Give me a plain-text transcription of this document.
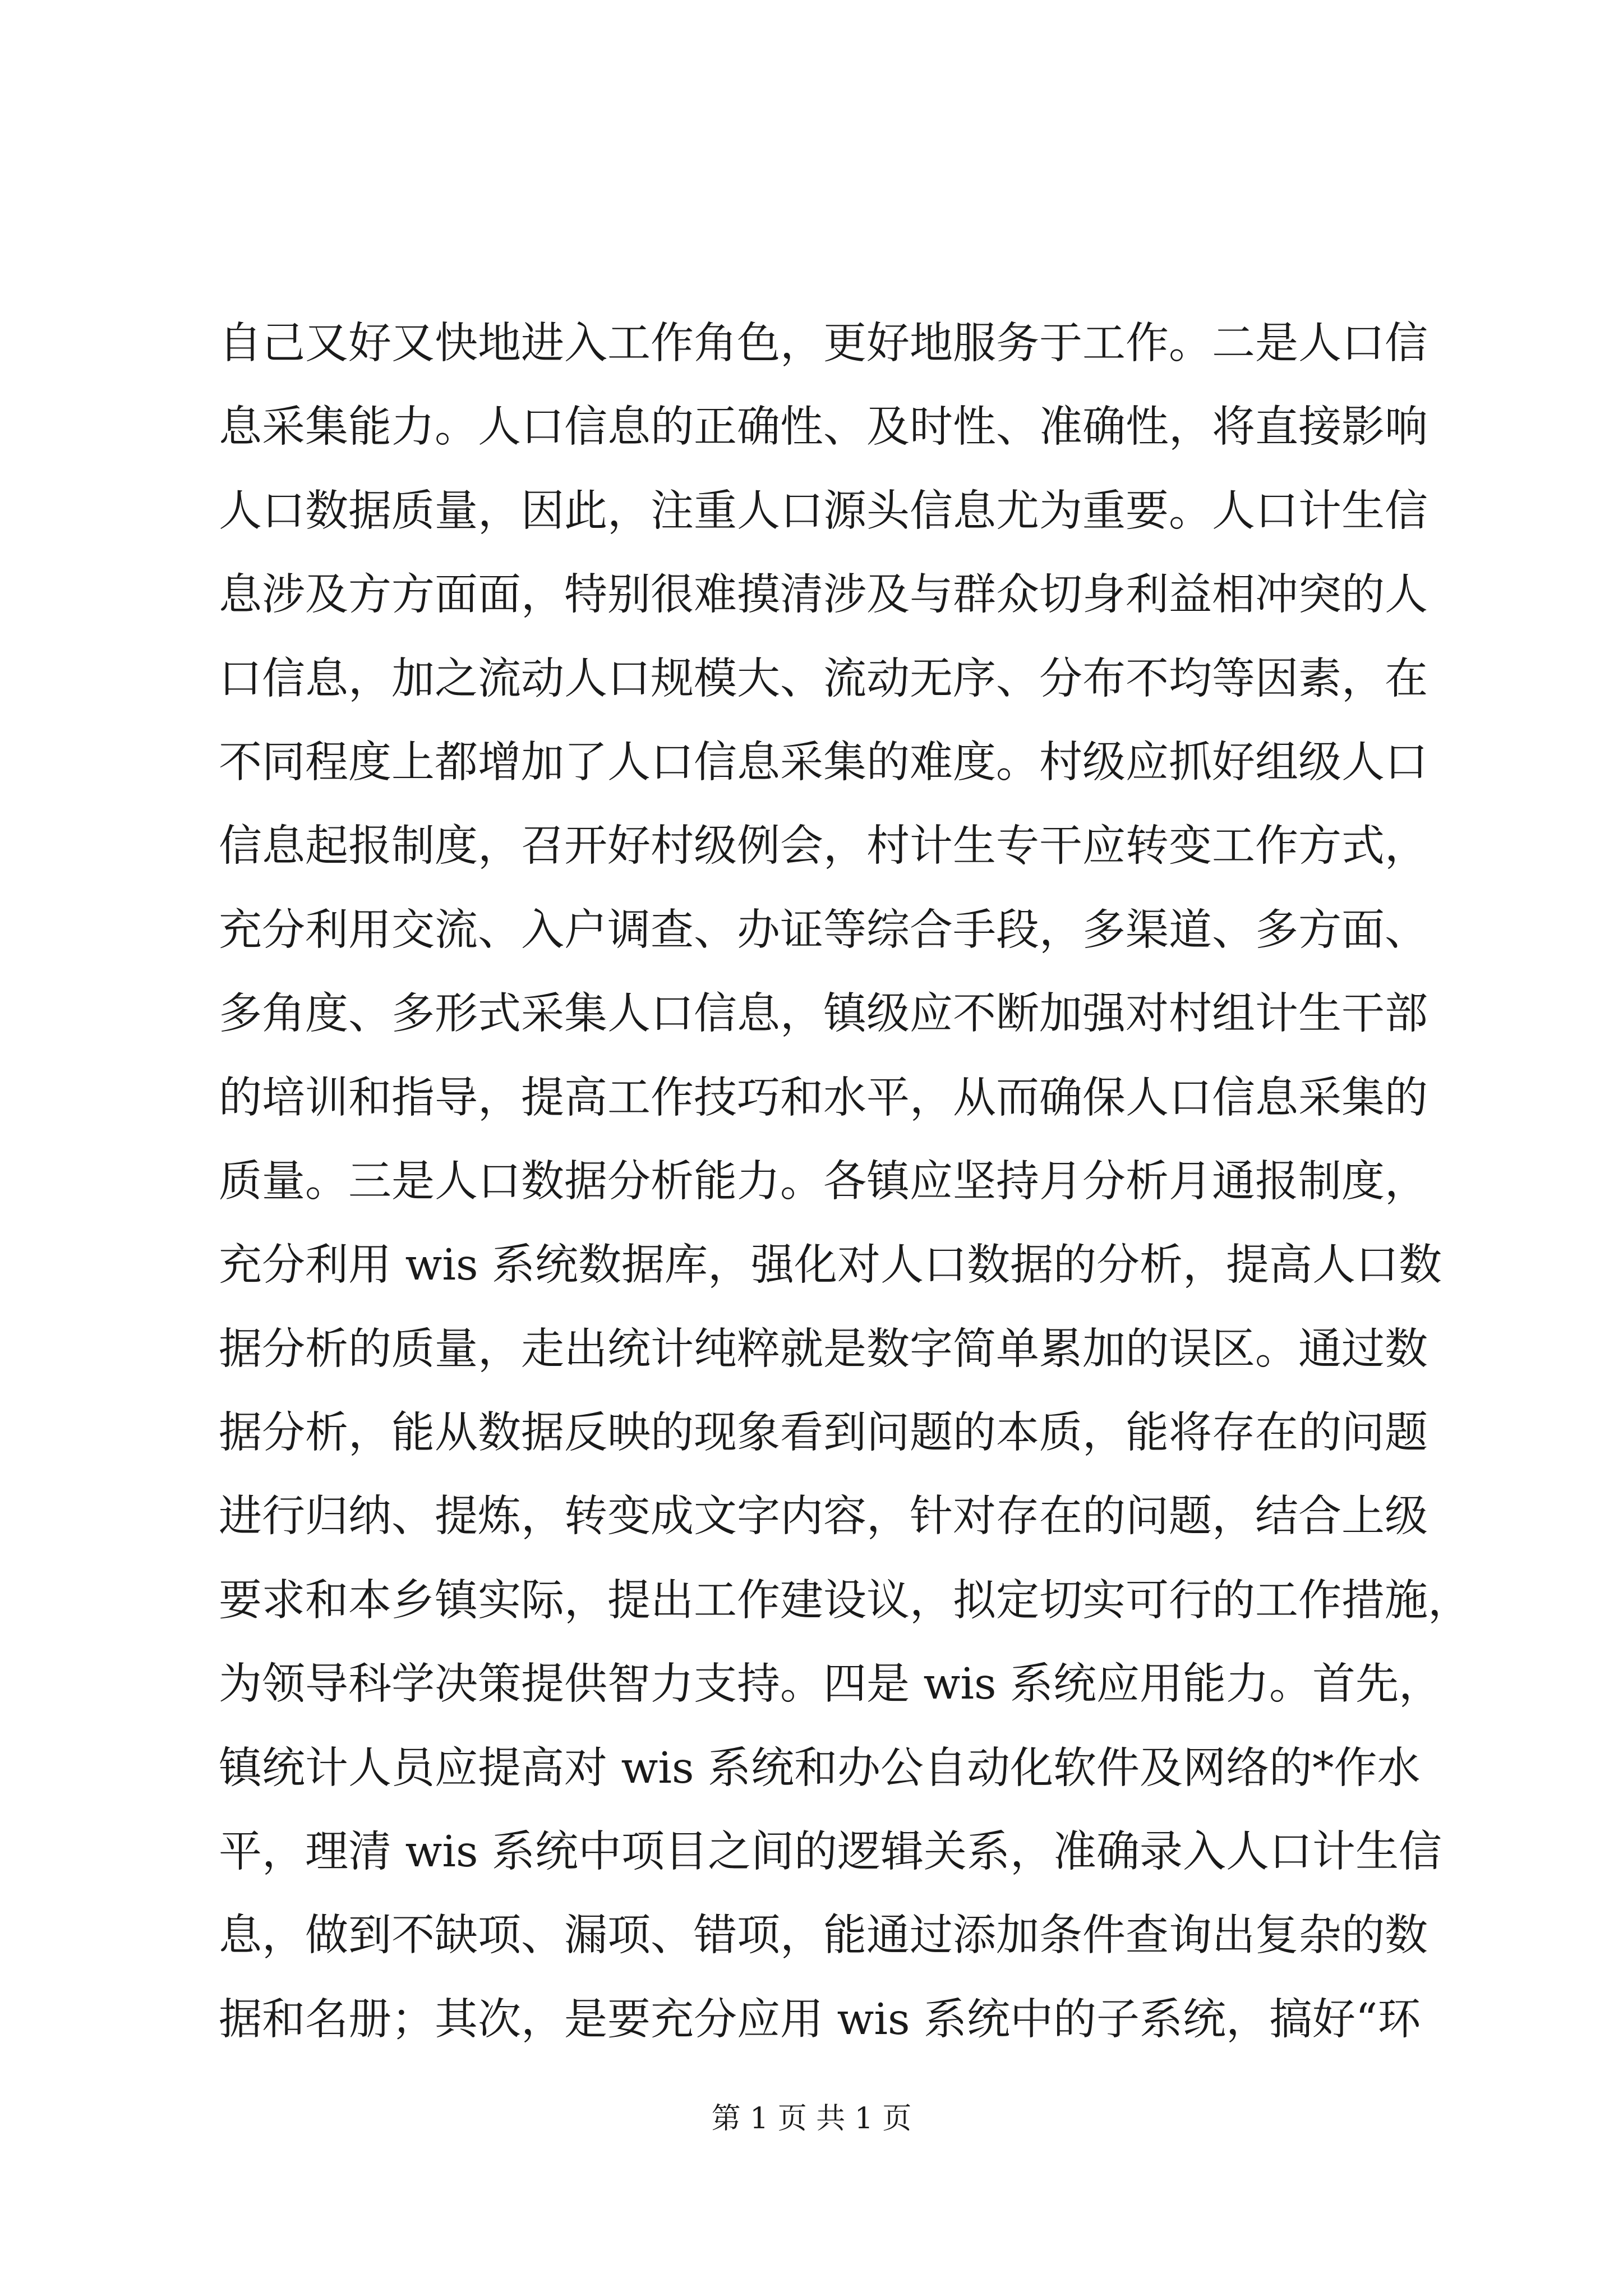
自己又好又快地进入工作角色，更好地服务于工作。二是人口信
息采集能力。人口信息的正确性、及时性、准确性，将直接影响
人口数据质量，因此，注重人口源头信息尤为重要。人口计生信
息涉及方方面面，特别很难摸清涉及与群众切身利益相冲突的人
口信息，加之流动人口规模大、流动无序、分布不均等因素，在
不同程度上都增加了人口信息采集的难度。村级应抓好组级人口
信息起报制度，召开好村级例会，村计生专干应转变工作方式，
充分利用交流、入户调查、办证等综合手段，多渠道、多方面、
多角度、多形式采集人口信息，镇级应不断加强对村组计生干部
的培训和指导，提高工作技巧和水平，从而确保人口信息采集的
质量。三是人口数据分析能力。各镇应坚持月分析月通报制度，
充分利用 wis 系统数据库，强化对人口数据的分析，提高人口数
据分析的质量，走出统计纯粹就是数字简单累加的误区。通过数
据分析，能从数据反映的现象看到问题的本质，能将存在的问题
进行归纳、提炼，转变成文字内容，针对存在的问题，结合上级
要求和本乡镇实际，提出工作建设议，拟定切实可行的工作措施，
为领导科学决策提供智力支持。四是 wis 系统应用能力。首先，
镇统计人员应提高对 wis 系统和办公自动化软件及网络的*作水
平，理清 wis 系统中项目之间的逻辑关系，准确录入人口计生信
息，做到不缺项、漏项、错项，能通过添加条件查询出复杂的数
据和名册；其次，是要充分应用 wis 系统中的子系统，搞好“环
第 1 页 共 1 页
